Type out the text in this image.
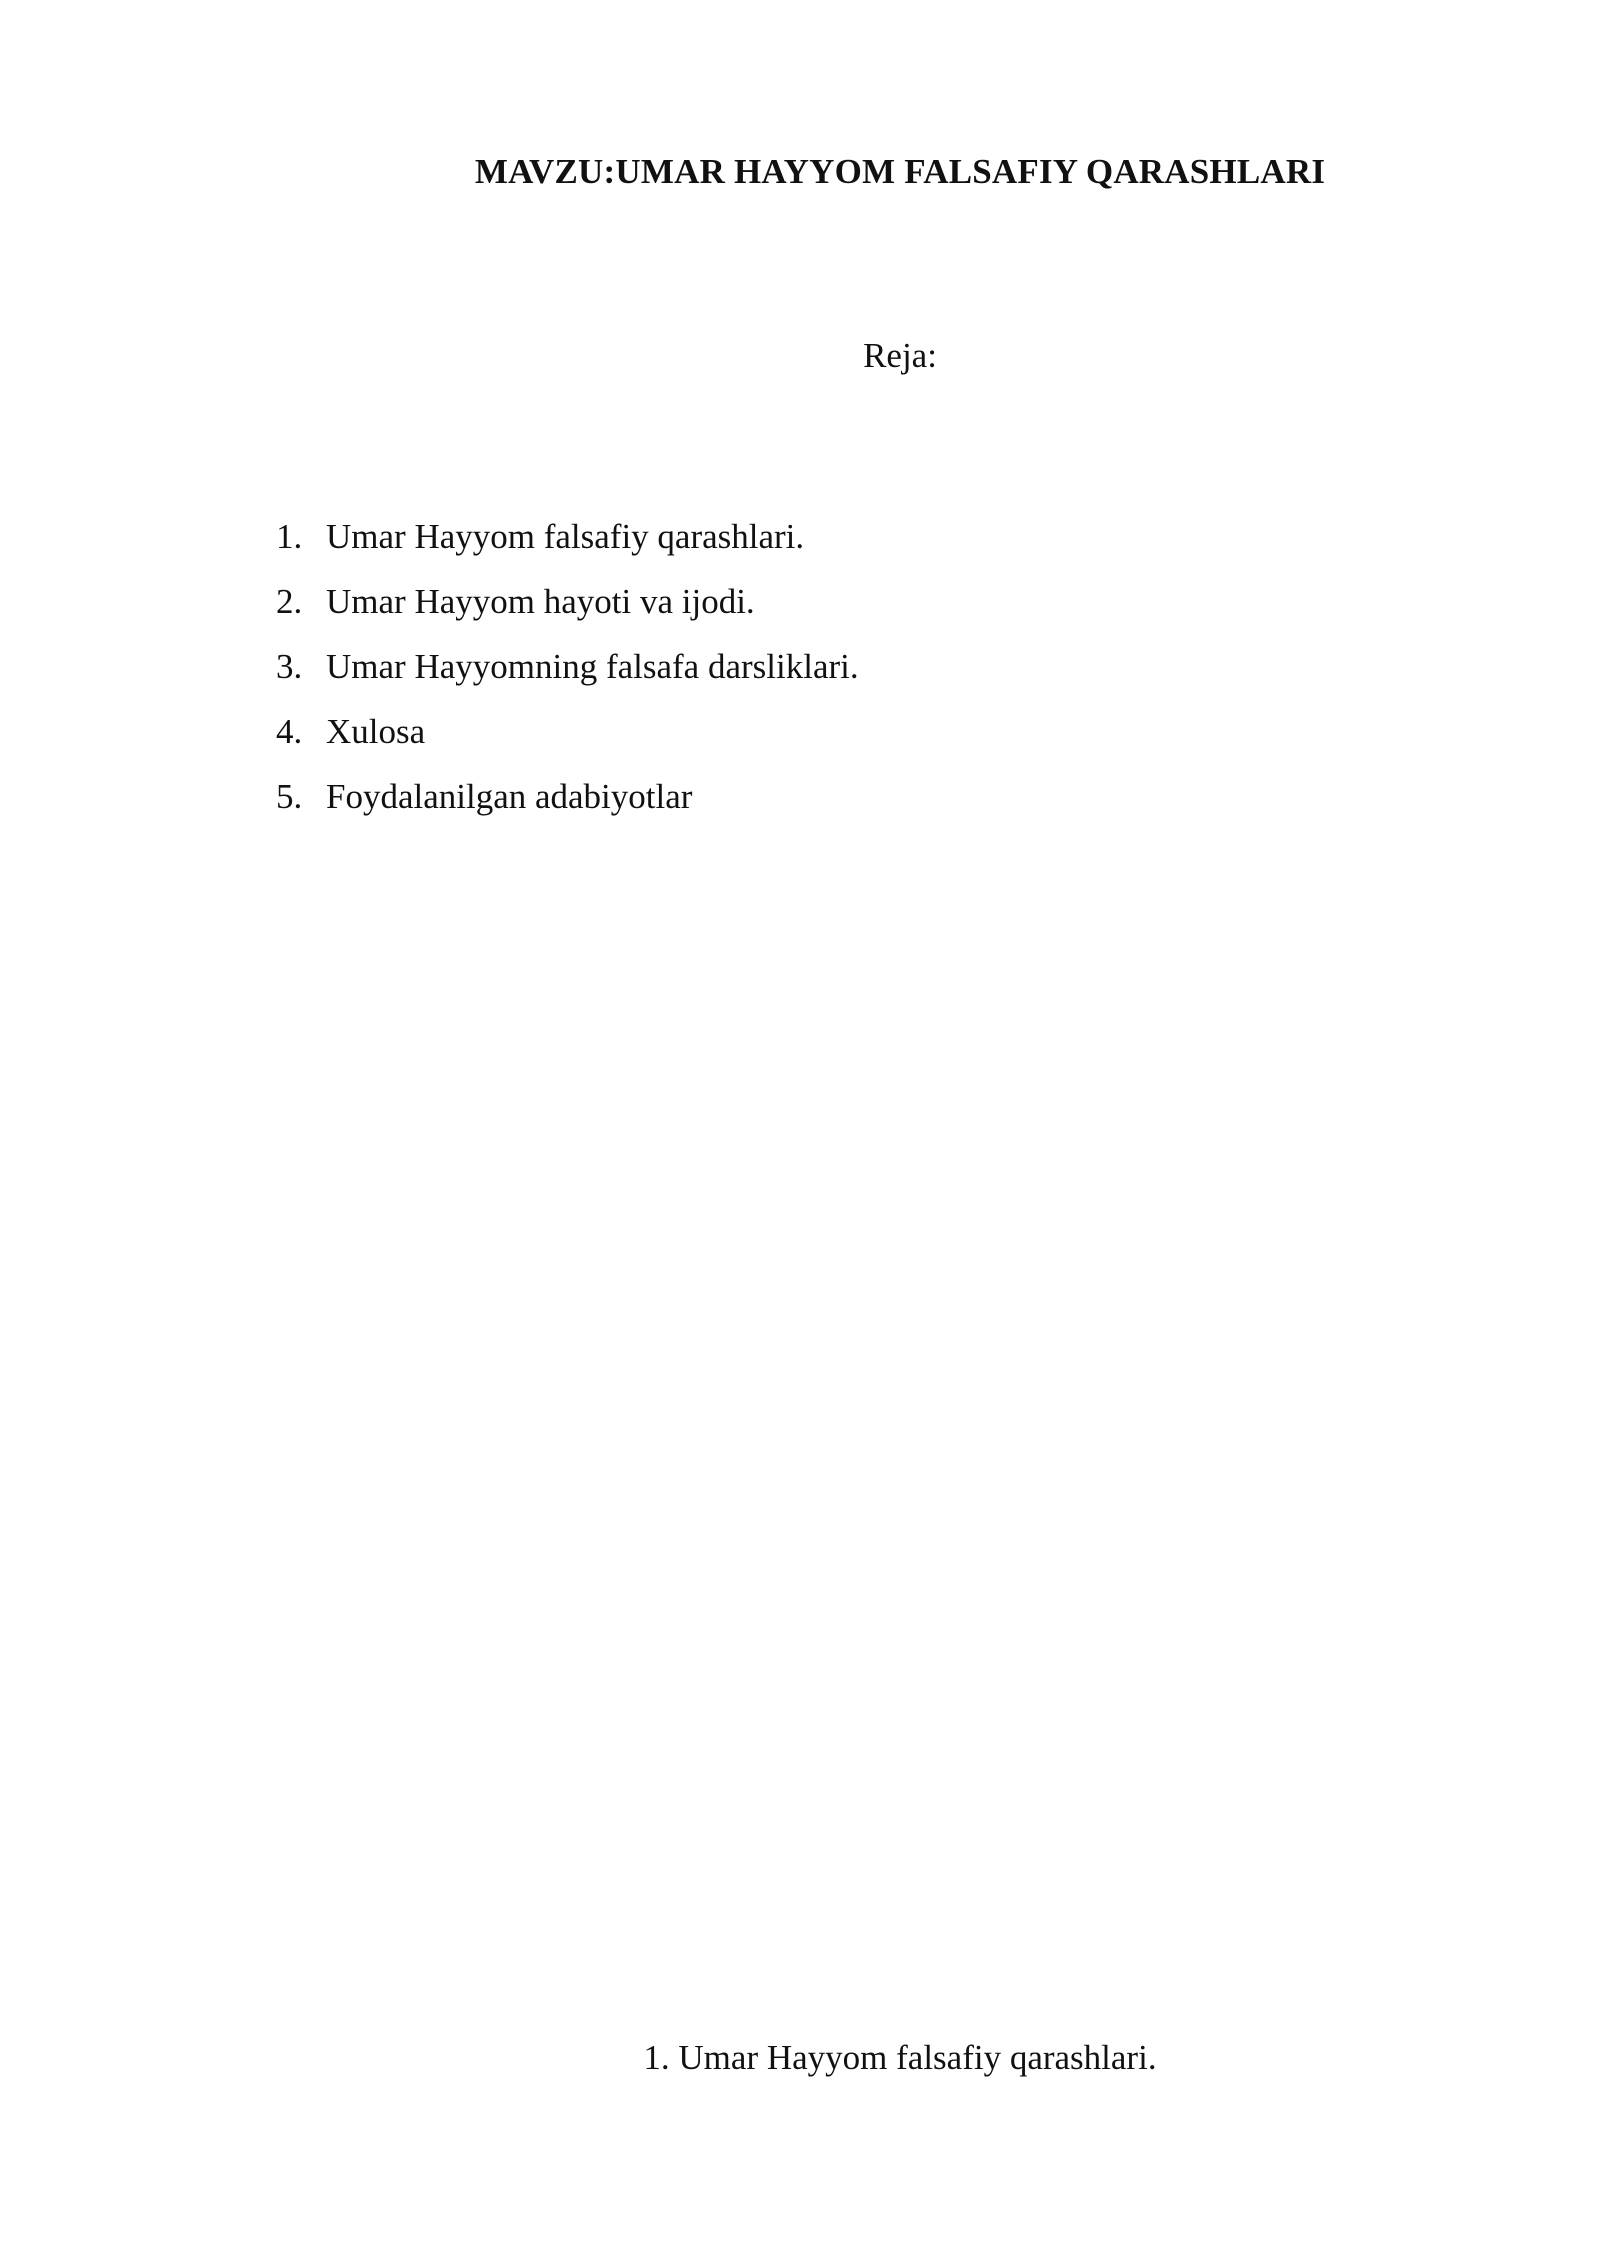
MAVZU:UMAR HAYYOM FALSAFIY QARASHLARI
Reja:
1. Umar Hayyom falsafiy qarashlari.
2. Umar Hayyom hayoti va ijodi.
3. Umar Hayyomning falsafa darsliklari.
4. Xulosa
5. Foydalanilgan adabiyotlar
1. Umar Hayyom falsafiy qarashlari.
